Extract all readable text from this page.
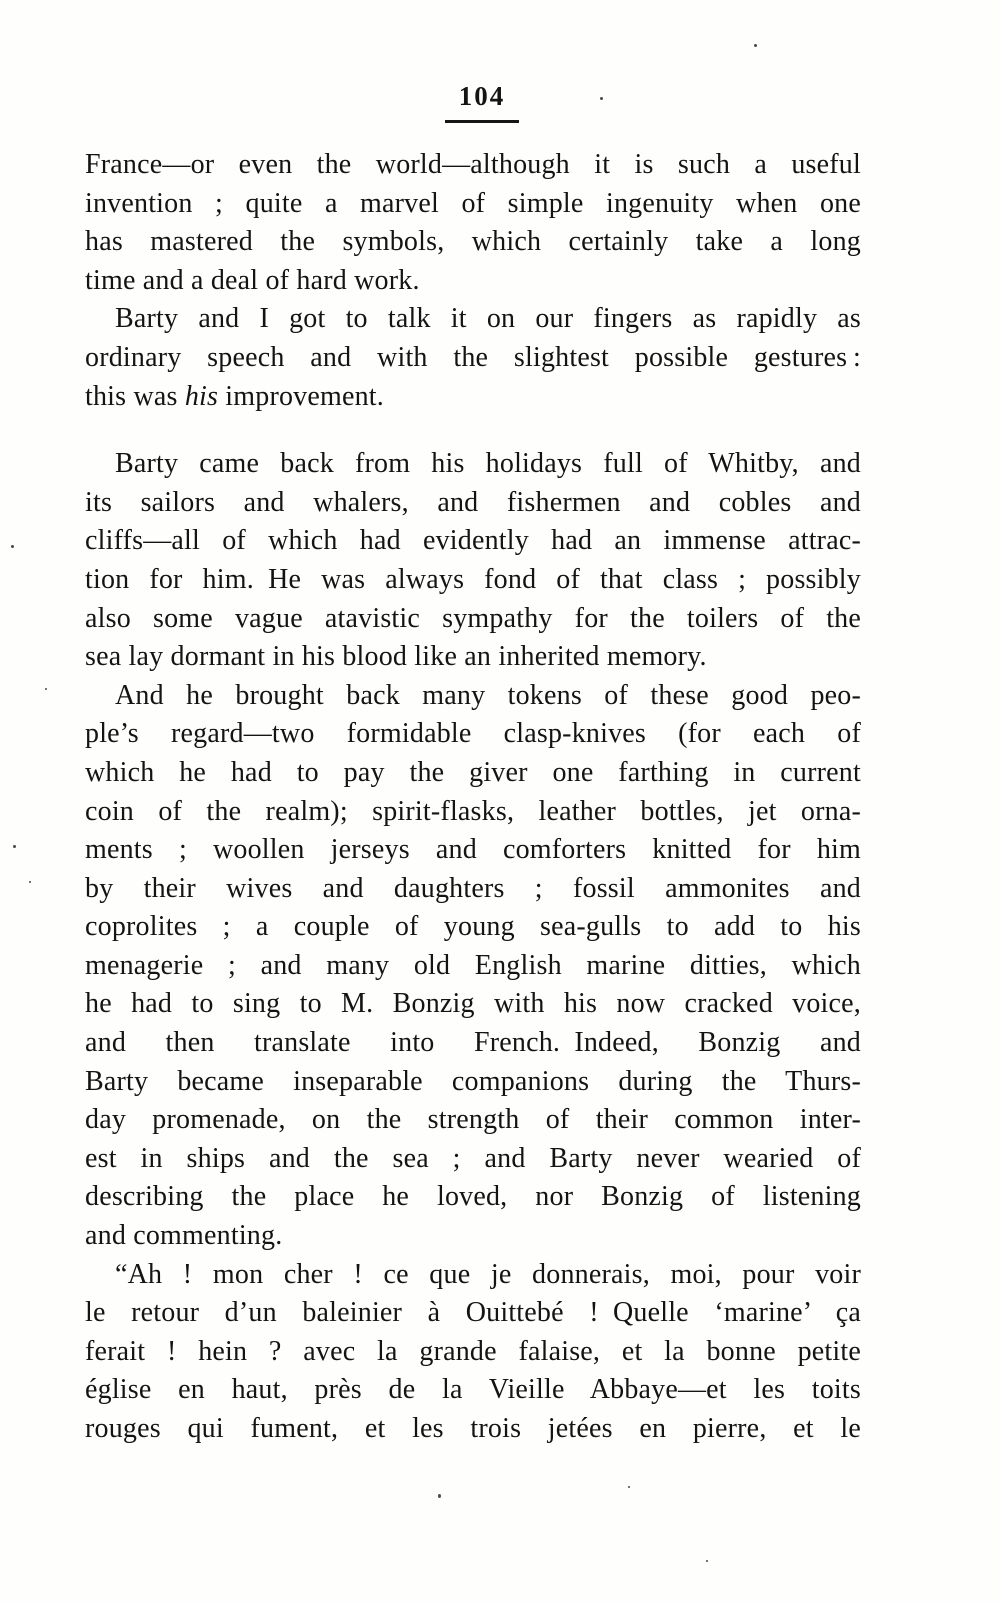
104
France—or even the world—although it is such a useful
invention ; quite a marvel of simple ingenuity when one
has mastered the symbols, which certainly take a long
time and a deal of hard work.
Barty and I got to talk it on our fingers as rapidly as
ordinary speech and with the slightest possible gestures :
this was his improvement.
Barty came back from his holidays full of Whitby, and
its sailors and whalers, and fishermen and cobles and
cliffs—all of which had evidently had an immense attrac-
tion for him. He was always fond of that class ; possibly
also some vague atavistic sympathy for the toilers of the
sea lay dormant in his blood like an inherited memory.
And he brought back many tokens of these good peo-
ple’s regard—two formidable clasp-knives (for each of
which he had to pay the giver one farthing in current
coin of the realm); spirit-flasks, leather bottles, jet orna-
ments ; woollen jerseys and comforters knitted for him
by their wives and daughters ; fossil ammonites and
coprolites ; a couple of young sea-gulls to add to his
menagerie ; and many old English marine ditties, which
he had to sing to M. Bonzig with his now cracked voice,
and then translate into French. Indeed, Bonzig and
Barty became inseparable companions during the Thurs-
day promenade, on the strength of their common inter-
est in ships and the sea ; and Barty never wearied of
describing the place he loved, nor Bonzig of listening
and commenting.
“Ah ! mon cher ! ce que je donnerais, moi, pour voir
le retour d’un baleinier à Ouittebé ! Quelle ‘marine’ ça
ferait ! hein ? avec la grande falaise, et la bonne petite
église en haut, près de la Vieille Abbaye—et les toits
rouges qui fument, et les trois jetées en pierre, et le
